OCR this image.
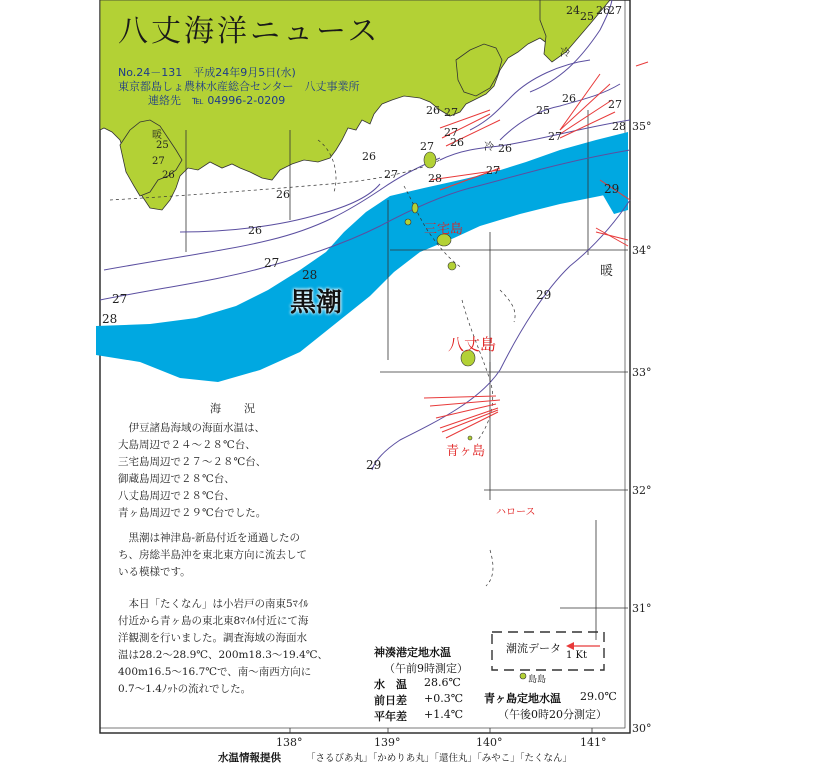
八丈海洋ニュース
No.24－131　平成24年9月5日(水)
東京都島しょ農林水産総合センター　八丈事業所
連絡先　℡ 04996-2-0209
黒潮
三宅島
八丈島
青ヶ島
ハロース
暖
暖
冷
冷
24 25 26
27
26 27	25
26	27
27
28
27
26
27
26
27	28
26
27
28
29
29
29
27
28
25
26
26
27
27 26
138°	139°	140°	141°
35°
34°
33°
32°
31°
30°
潮流データ
1 Kt
島島
海　況
　伊豆諸島海域の海面水温は、
大島周辺で２４～２８℃台、
三宅島周辺で２７～２８℃台、
御蔵島周辺で２８℃台、
八丈島周辺で２８℃台、
青ヶ島周辺で２９℃台でした。
　黒潮は神津島-新島付近を通過したの
ち、房総半島沖を東北東方向に流去して
いる模様です。
　本日「たくなん」は小岩戸の南東5ﾏｲﾙ
付近から青ヶ島の東北東8ﾏｲﾙ付近にて海
洋観測を行いました。調査海域の海面水
温は28.2～28.9℃、200m18.3～19.4℃、
400m16.5～16.7℃で、南～南西方向に
0.7～1.4ﾉｯﾄの流れでした。
神湊港定地水温
（午前9時測定）
水　温 28.6℃
前日差 +0.3℃
平年差 +1.4℃
青ヶ島定地水温 29.0℃
（午後0時20分測定）
水温情報提供	「さるびあ丸」「かめりあ丸」「還住丸」「みやこ」「たくなん」
